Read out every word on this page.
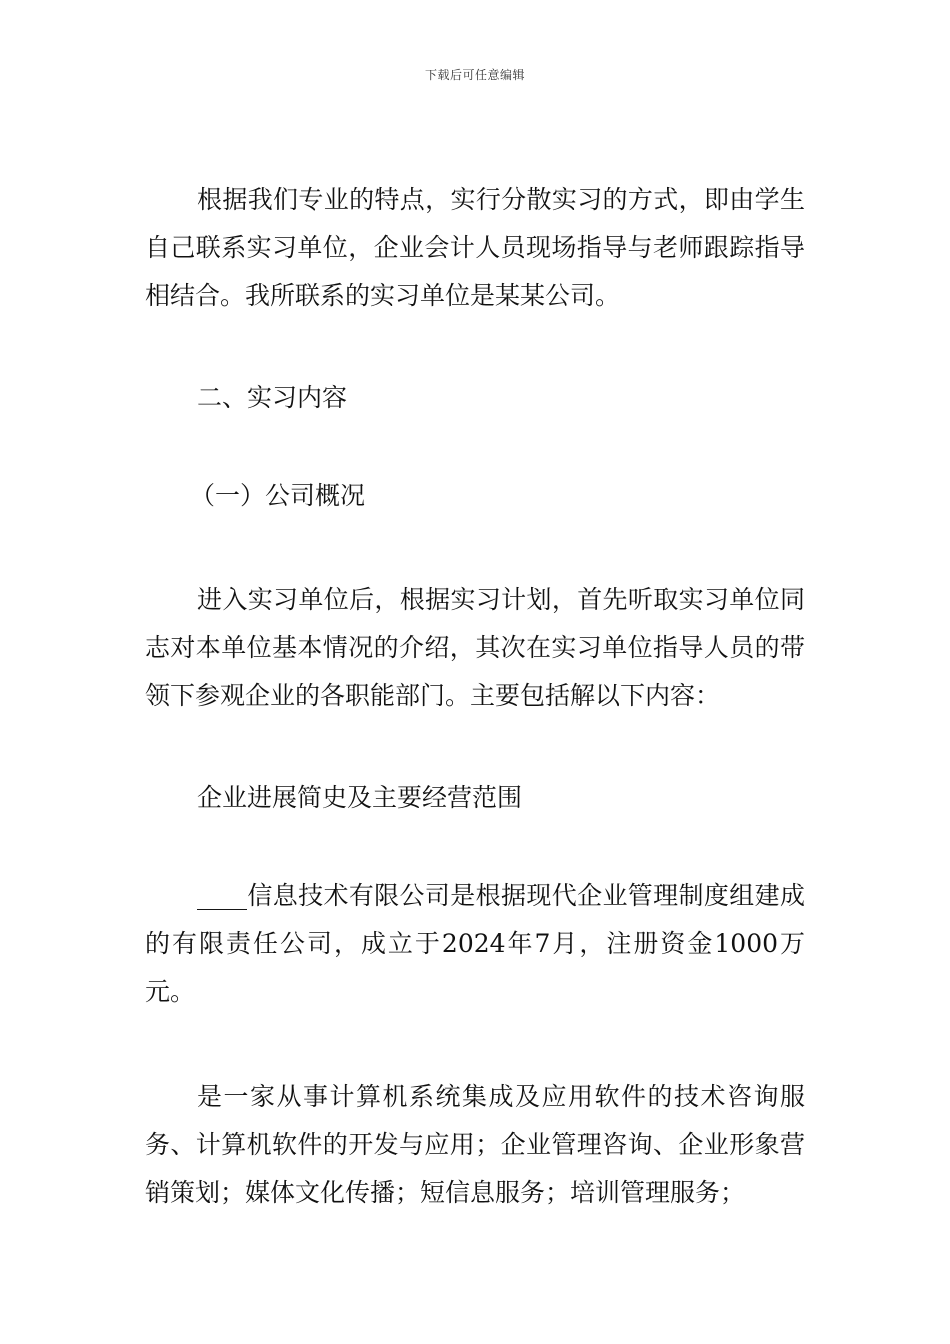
下载后可任意编辑

根据我们专业的特点，实行分散实习的方式，即由学生自己联系实习单位，企业会计人员现场指导与老师跟踪指导相结合。我所联系的实习单位是某某公司。

二、实习内容

（一）公司概况

进入实习单位后，根据实习计划，首先听取实习单位同志对本单位基本情况的介绍，其次在实习单位指导人员的带领下参观企业的各职能部门。主要包括解以下内容：

企业进展简史及主要经营范围

____信息技术有限公司是根据现代企业管理制度组建成的有限责任公司，成立于2024年7月，注册资金1000万元。

是一家从事计算机系统集成及应用软件的技术咨询服务、计算机软件的开发与应用；企业管理咨询、企业形象营销策划；媒体文化传播；短信息服务；培训管理服务；
